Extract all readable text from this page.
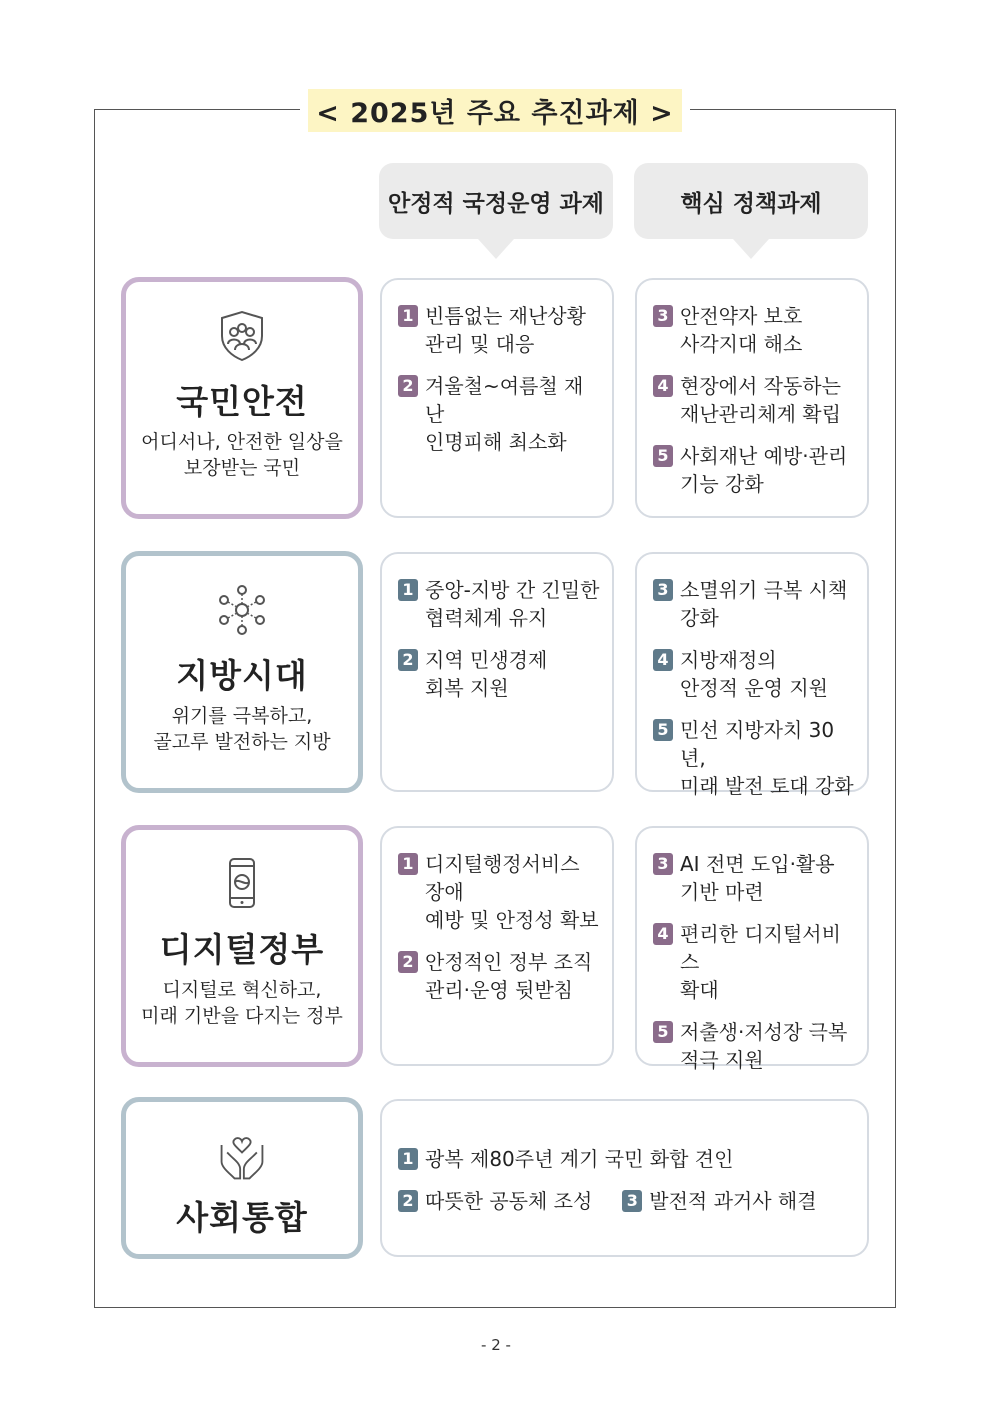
< 2025년 주요 추진과제 >
안정적 국정운영 과제	핵심 정책과제
국민안전
어디서나, 안전한 일상을
보장받는 국민
1 빈틈없는 재난상황
관리 및 대응
2 겨울철~여름철 재난
인명피해 최소화
3 안전약자 보호
사각지대 해소
4 현장에서 작동하는
재난관리체계 확립
5 사회재난 예방·관리
기능 강화
지방시대
위기를 극복하고,
골고루 발전하는 지방
1 중앙-지방 간 긴밀한
협력체계 유지
2 지역 민생경제
회복 지원
3 소멸위기 극복 시책
강화
4 지방재정의
안정적 운영 지원
5 민선 지방자치 30년,
미래 발전 토대 강화
디지털정부
디지털로 혁신하고,
미래 기반을 다지는 정부
1 디지털행정서비스 장애
예방 및 안정성 확보
2 안정적인 정부 조직
관리·운영 뒷받침
3 AI 전면 도입·활용
기반 마련
4 편리한 디지털서비스
확대
5 저출생·저성장 극복
적극 지원
사회통합
1 광복 제80주년 계기 국민 화합 견인
2 따뜻한 공동체 조성 3 발전적 과거사 해결
- 2 -
